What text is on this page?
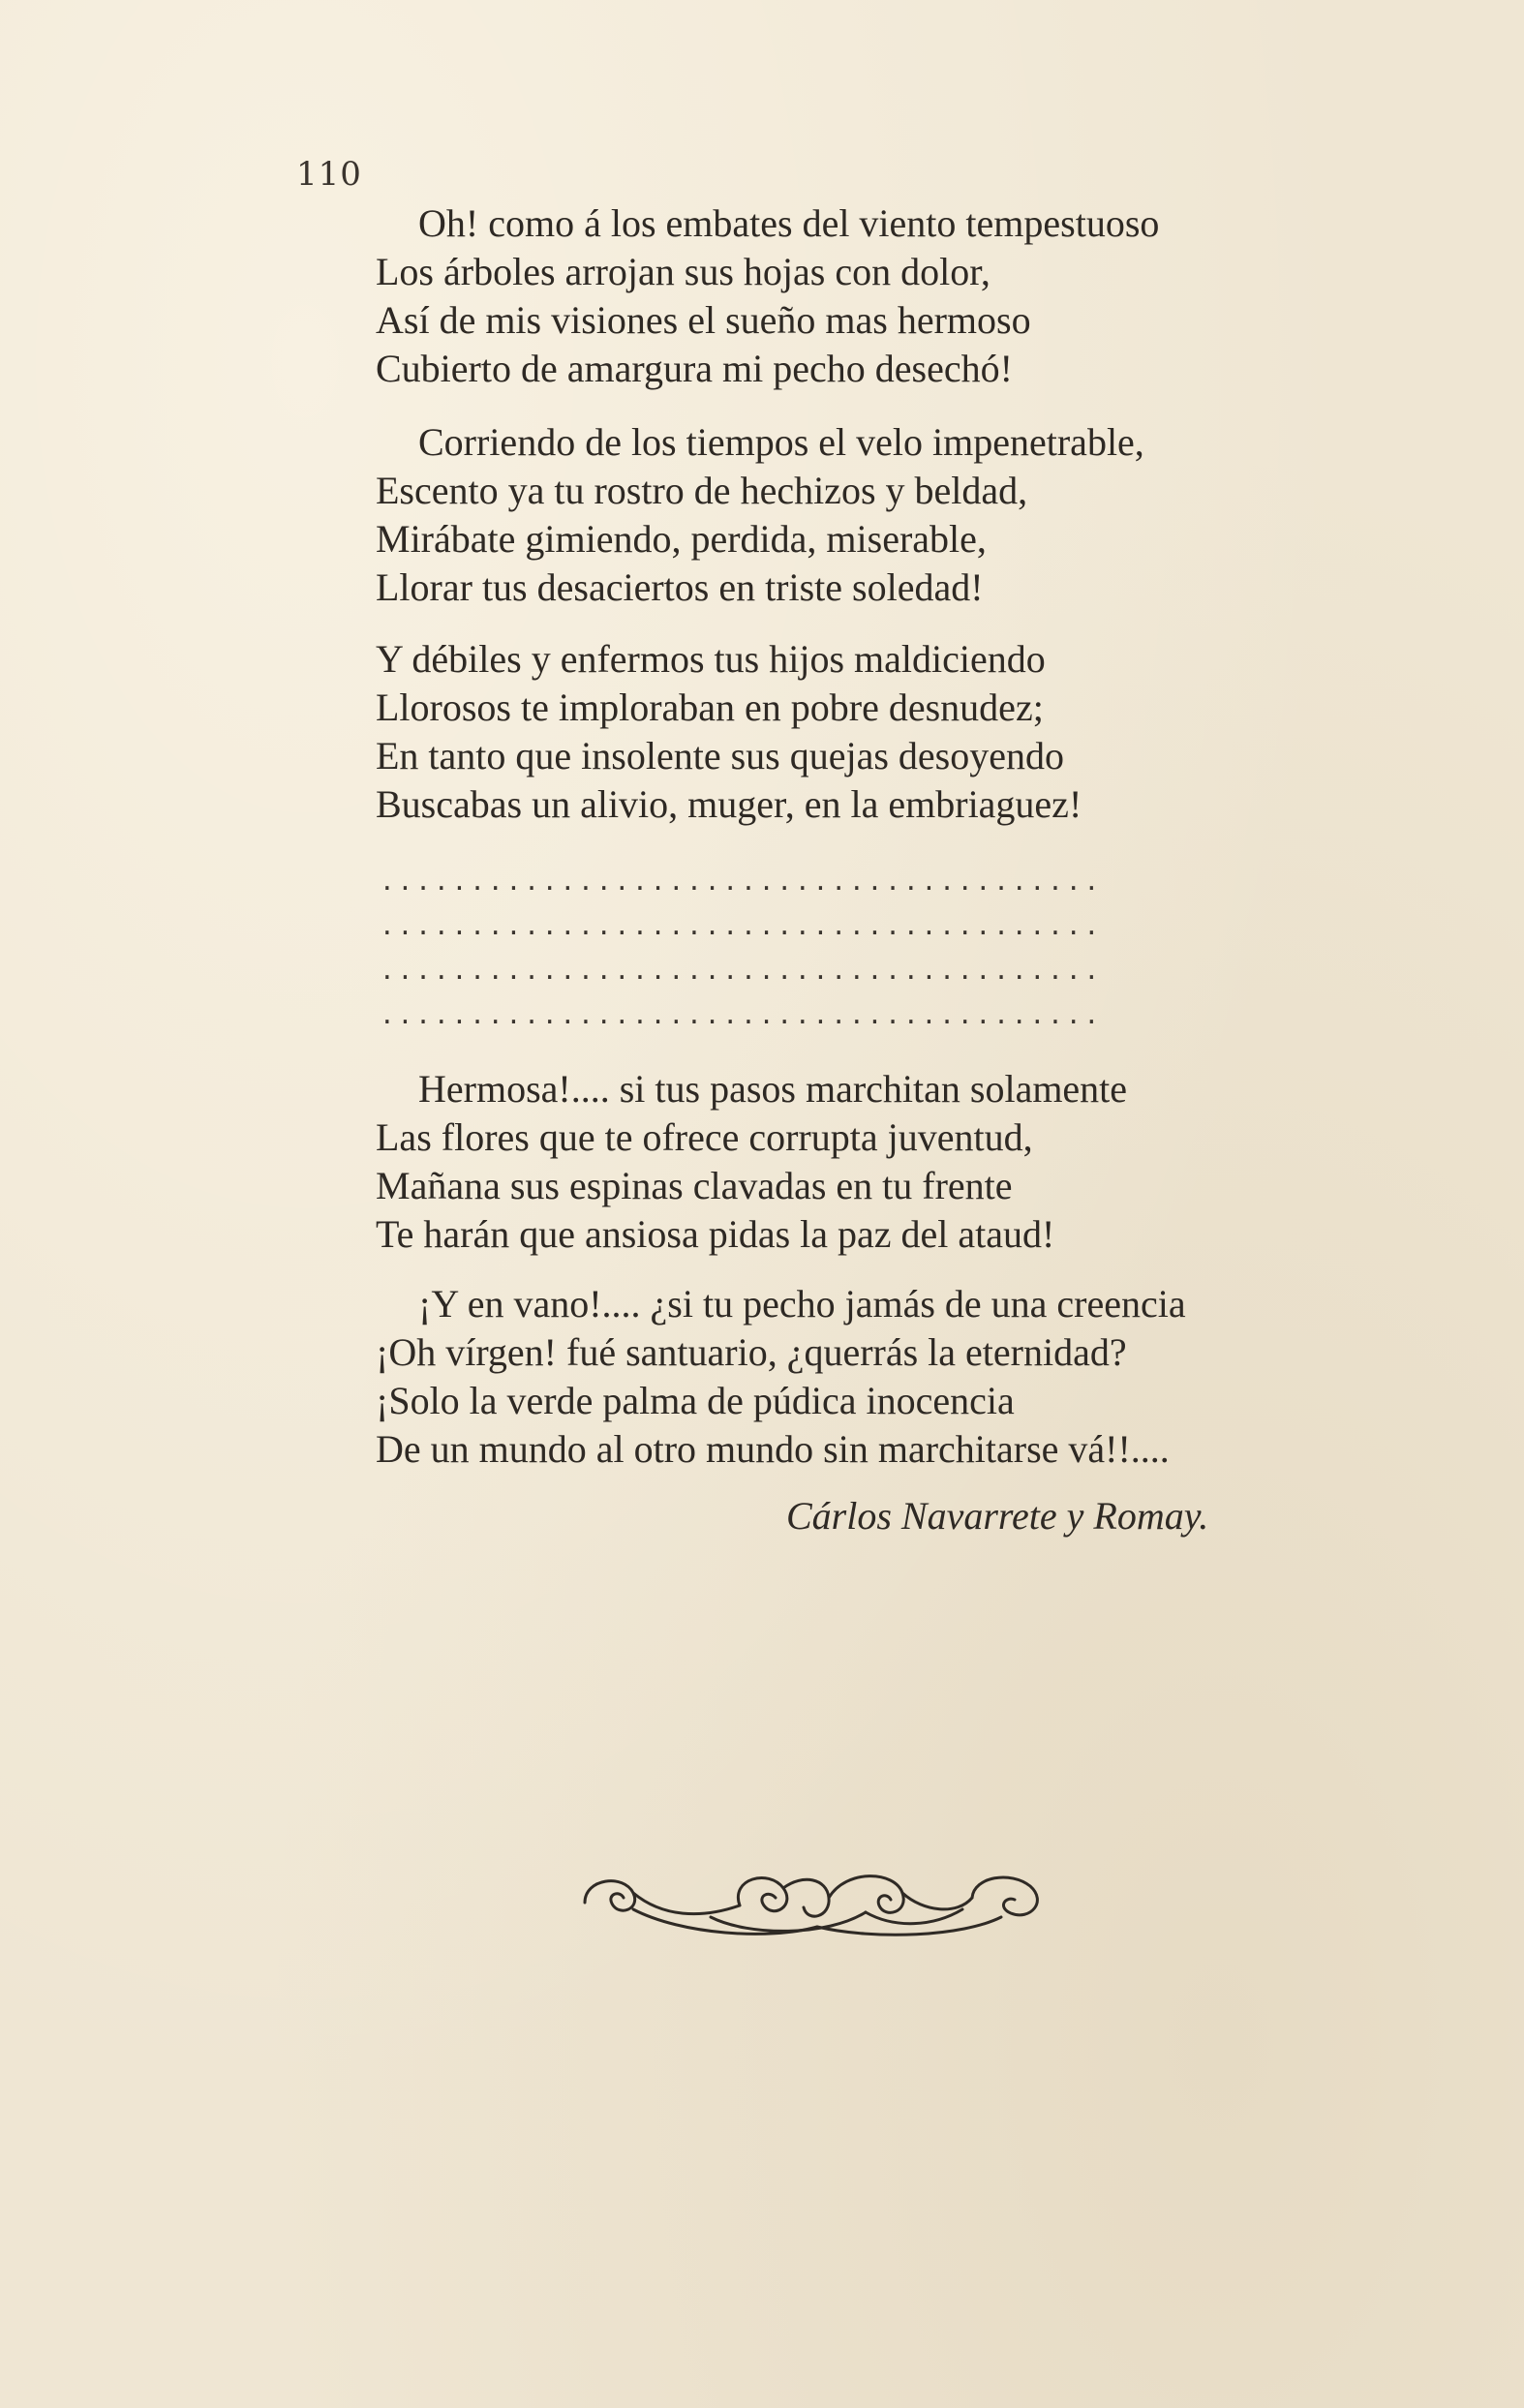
110
Oh! como á los embates del viento tempestuoso
Los árboles arrojan sus hojas con dolor,
Así de mis visiones el sueño mas hermoso
Cubierto de amargura mi pecho desechó!
Corriendo de los tiempos el velo impenetrable,
Escento ya tu rostro de hechizos y beldad,
Mirábate gimiendo, perdida, miserable,
Llorar tus desaciertos en triste soledad!
Y débiles y enfermos tus hijos maldiciendo
Llorosos te imploraban en pobre desnudez;
En tanto que insolente sus quejas desoyendo
Buscabas un alivio, muger, en la embriaguez!
........................................
........................................
........................................
........................................
Hermosa!.... si tus pasos marchitan solamente
Las flores que te ofrece corrupta juventud,
Mañana sus espinas clavadas en tu frente
Te harán que ansiosa pidas la paz del ataud!
¡Y en vano!.... ¿si tu pecho jamás de una creencia
¡Oh vírgen! fué santuario, ¿querrás la eternidad?
¡Solo la verde palma de púdica inocencia
De un mundo al otro mundo sin marchitarse vá!!....
Cárlos Navarrete y Romay.
